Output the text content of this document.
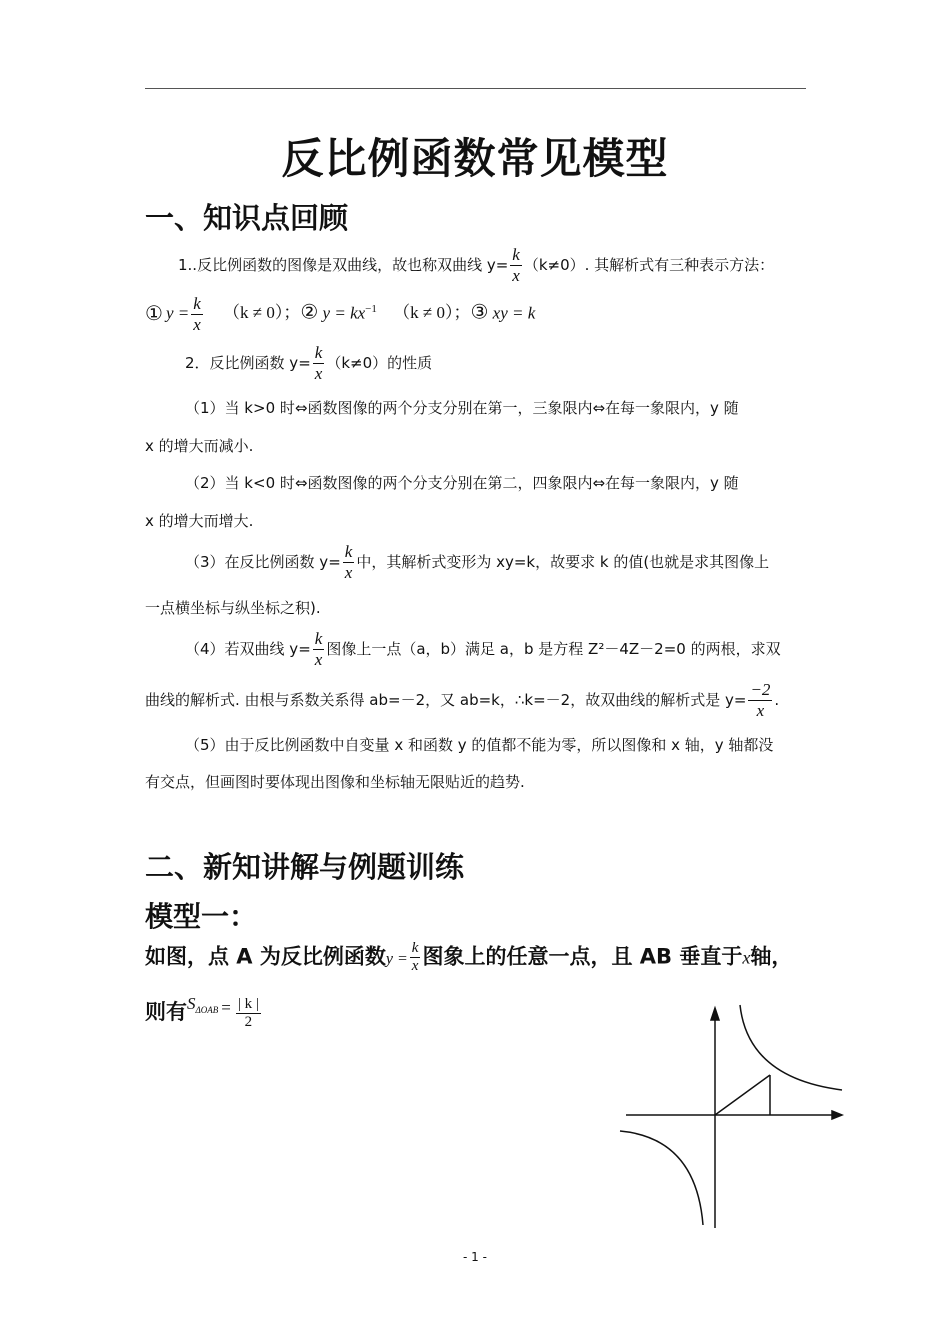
反比例函数常见模型
一、知识点回顾
1..反比例函数的图像是双曲线，故也称双曲线 $y= \frac{k}{x} (k\ne 0)$. 其解析式有三种表示方法：
① $y = \frac{k}{x} (k \ne 0)$；② $y = kx^{-1}$ （k ≠ 0）；③ xy = k
2．反比例函数 $y= \frac{k}{x} (k\ne 0)$的性质
（1）当 k>0 时⇔函数图像的两个分支分别在第一，三象限内⇔在每一象限内，y 随
x 的增大而减小.
（2）当 k<0 时⇔函数图像的两个分支分别在第二，四象限内⇔在每一象限内，y 随
x 的增大而增大.
（3）在反比例函数 $y= \frac{k}{x}$ 中，其解析式变形为 xy=k，故要求 k 的值(也就是求其图像上
一点横坐标与纵坐标之积).
（4）若双曲线 $y= \frac{k}{x}$ 图像上一点（a，b）满足 a，b 是方程 Z²－4Z－2=0 的两根，求双
曲线的解析式. 由根与系数关系得 ab=－2，又 ab=k，∴k=－2，故双曲线的解析式是 $y= \frac{-2}{x}$ .
（5）由于反比例函数中自变量 x 和函数 y 的值都不能为零，所以图像和 x 轴，y 轴都没
有交点，但画图时要体现出图像和坐标轴无限贴近的趋势.
二、新知讲解与例题训练
模型一：
如图，点 A 为反比例函数$y = \frac{k}{x}$ 图象上的任意一点，且 AB 垂直于x轴，
则有$^S_{\Delta OAB}$ $^= \frac{| k |}{2}$
- 1 -
